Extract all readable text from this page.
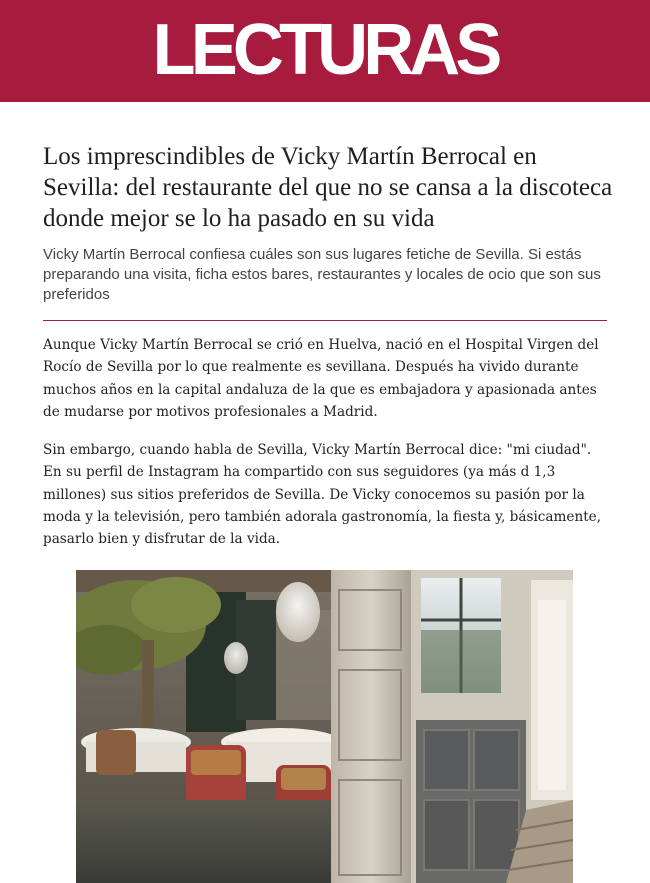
LECTURAS
Los imprescindibles de Vicky Martín Berrocal en Sevilla: del restaurante del que no se cansa a la discoteca donde mejor se lo ha pasado en su vida

Vicky Martín Berrocal confiesa cuáles son sus lugares fetiche de Sevilla. Si estás preparando una visita, ficha estos bares, restaurantes y locales de ocio que son sus preferidos

Aunque Vicky Martín Berrocal se crió en Huelva, nació en el Hospital Virgen del Rocío de Sevilla por lo que realmente es sevillana. Después ha vivido durante muchos años en la capital andaluza de la que es embajadora y apasionada antes de mudarse por motivos profesionales a Madrid.

Sin embargo, cuando habla de Sevilla, Vicky Martín Berrocal dice: "mi ciudad". En su perfil de Instagram ha compartido con sus seguidores (ya más d 1,3 millones) sus sitios preferidos de Sevilla. De Vicky conocemos su pasión por la moda y la televisión, pero también adorala gastronomía, la fiesta y, básicamente, pasarlo bien y disfrutar de la vida.
